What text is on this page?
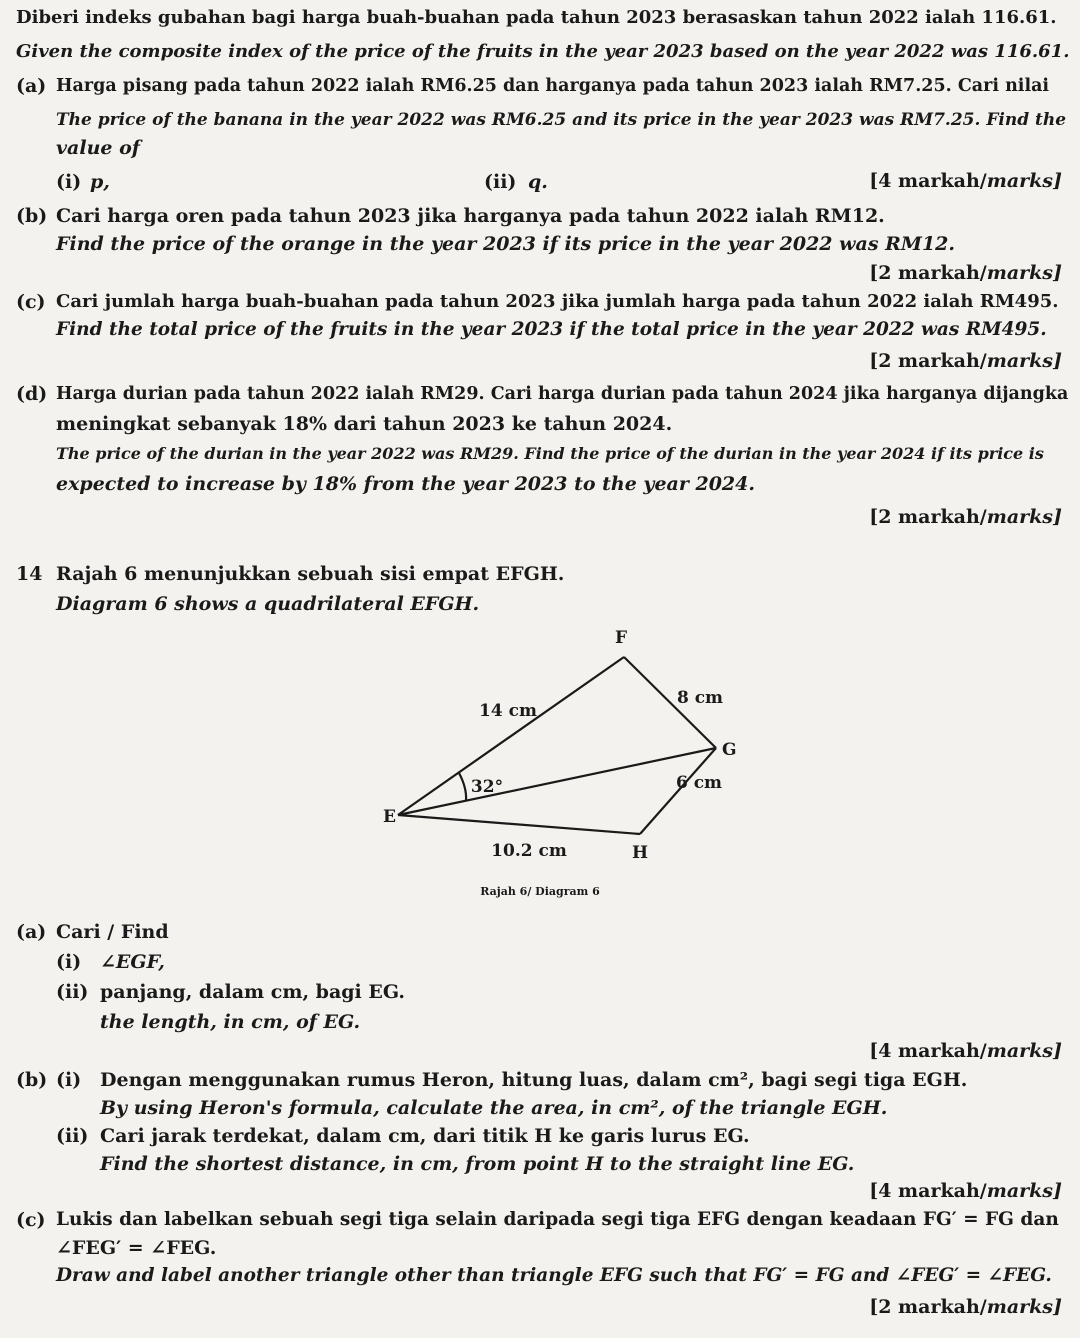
Diberi indeks gubahan bagi harga buah-buahan pada tahun 2023 berasaskan tahun 2022 ialah 116.61.
Given the composite index of the price of the fruits in the year 2023 based on the year 2022 was 116.61.
(a) Harga pisang pada tahun 2022 ialah RM6.25 dan harganya pada tahun 2023 ialah RM7.25. Cari nilai
The price of the banana in the year 2022 was RM6.25 and its price in the year 2023 was RM7.25. Find the
value of
(i) p,	(ii) q.	[4 markah/marks]
(b) Cari harga oren pada tahun 2023 jika harganya pada tahun 2022 ialah RM12.
Find the price of the orange in the year 2023 if its price in the year 2022 was RM12.
[2 markah/marks]
(c) Cari jumlah harga buah-buahan pada tahun 2023 jika jumlah harga pada tahun 2022 ialah RM495.
Find the total price of the fruits in the year 2023 if the total price in the year 2022 was RM495.
[2 markah/marks]
(d) Harga durian pada tahun 2022 ialah RM29. Cari harga durian pada tahun 2024 jika harganya dijangka
meningkat sebanyak 18% dari tahun 2023 ke tahun 2024.
The price of the durian in the year 2022 was RM29. Find the price of the durian in the year 2024 if its price is
expected to increase by 18% from the year 2023 to the year 2024.
[2 markah/marks]
14 Rajah 6 menunjukkan sebuah sisi empat EFGH.
Diagram 6 shows a quadrilateral EFGH.
F
G
E
H
14 cm
8 cm
6 cm
10.2 cm
32°
Rajah 6/ Diagram 6
(a) Cari / Find
(i) ∠EGF,
(ii) panjang, dalam cm, bagi EG.
the length, in cm, of EG.
[4 markah/marks]
(b) (i) Dengan menggunakan rumus Heron, hitung luas, dalam cm², bagi segi tiga EGH.
By using Heron's formula, calculate the area, in cm², of the triangle EGH.
(ii) Cari jarak terdekat, dalam cm, dari titik H ke garis lurus EG.
Find the shortest distance, in cm, from point H to the straight line EG.
[4 markah/marks]
(c) Lukis dan labelkan sebuah segi tiga selain daripada segi tiga EFG dengan keadaan FG′ = FG dan
∠FEG′ = ∠FEG.
Draw and label another triangle other than triangle EFG such that FG′ = FG and ∠FEG′ = ∠FEG.
[2 markah/marks]
